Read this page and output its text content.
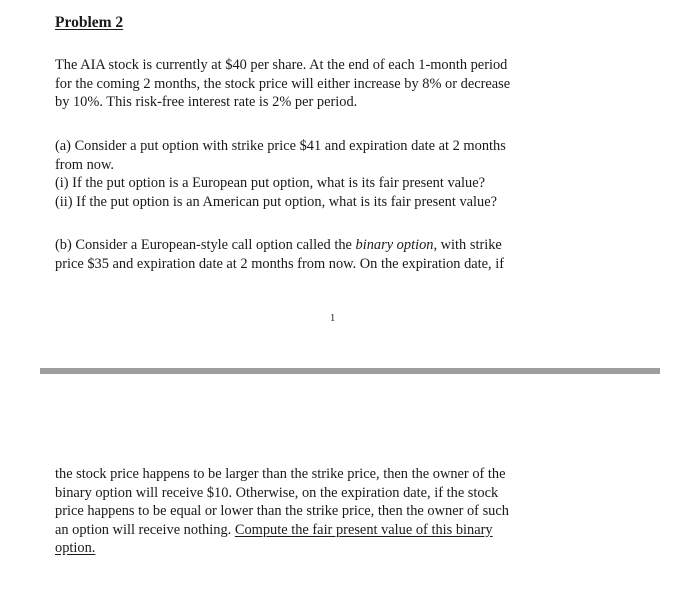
Problem 2

The AIA stock is currently at $40 per share. At the end of each 1-month period
for the coming 2 months, the stock price will either increase by 8% or decrease
by 10%. This risk-free interest rate is 2% per period.

(a) Consider a put option with strike price $41 and expiration date at 2 months
from now.
(i) If the put option is a European put option, what is its fair present value?
(ii) If the put option is an American put option, what is its fair present value?

(b) Consider a European-style call option called the binary option, with strike
price $35 and expiration date at 2 months from now. On the expiration date, if

1

the stock price happens to be larger than the strike price, then the owner of the
binary option will receive $10. Otherwise, on the expiration date, if the stock
price happens to be equal or lower than the strike price, then the owner of such
an option will receive nothing. Compute the fair present value of this binary
option.
